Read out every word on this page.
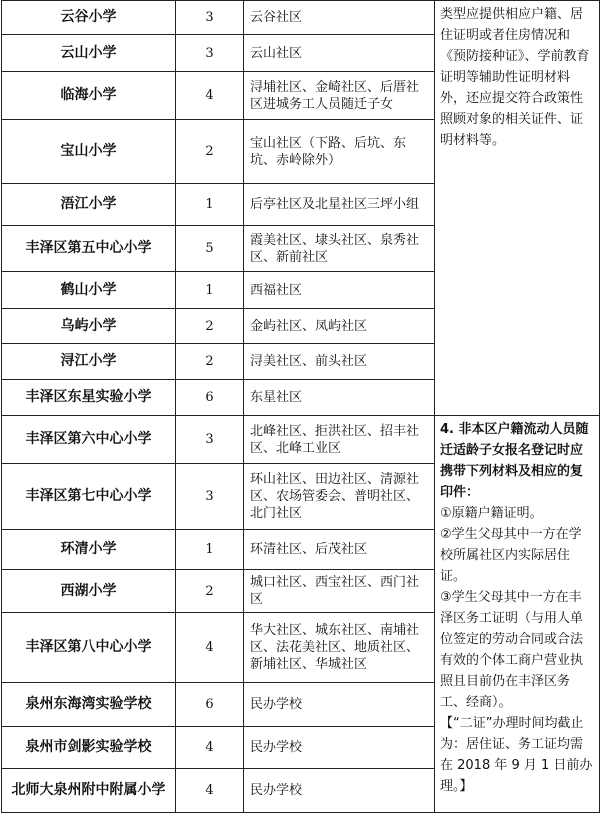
云谷小学	3	云谷社区	类型应提供相应户籍、居住证明或者住房情况和《预防接种证》、学前教育证明等辅助性证明材料外，还应提交符合政策性照顾对象的相关证件、证明材料等。
云山小学	3	云山社区	
临海小学	4	浔埔社区、金崎社区、后厝社区进城务工人员随迁子女	
宝山小学	2	宝山社区（下路、后坑、东坑、赤岭除外）	
浯江小学	1	后亭社区及北星社区三坪小组	
丰泽区第五中心小学	5	霞美社区、埭头社区、泉秀社区、新前社区	
鹤山小学	1	西福社区	
乌屿小学	2	金屿社区、凤屿社区	
浔江小学	2	浔美社区、前头社区	
丰泽区东星实验小学	6	东星社区	
丰泽区第六中心小学	3	北峰社区、拒洪社区、招丰社区、北峰工业区	4. 非本区户籍流动人员随迁适龄子女报名登记时应携带下列材料及相应的复印件：
①原籍户籍证明。
②学生父母其中一方在学校所属社区内实际居住证。
③学生父母其中一方在丰泽区务工证明（与用人单位签定的劳动合同或合法有效的个体工商户营业执照且目前仍在丰泽区务工、经商）。
【“二证”办理时间均截止为：居住证、务工证均需在 2018 年 9 月 1 日前办理。】

丰泽区第七中心小学	3	环山社区、田边社区、清源社区、农场管委会、普明社区、北门社区	
环清小学	1	环清社区、后茂社区	
西湖小学	2	城口社区、西宝社区、西门社区	
丰泽区第八中心小学	4	华大社区、城东社区、南埔社区、法花美社区、地质社区、新埔社区、华城社区	
泉州东海湾实验学校	6	民办学校	
泉州市剑影实验学校	4	民办学校	
北师大泉州附中附属小学	4	民办学校	
